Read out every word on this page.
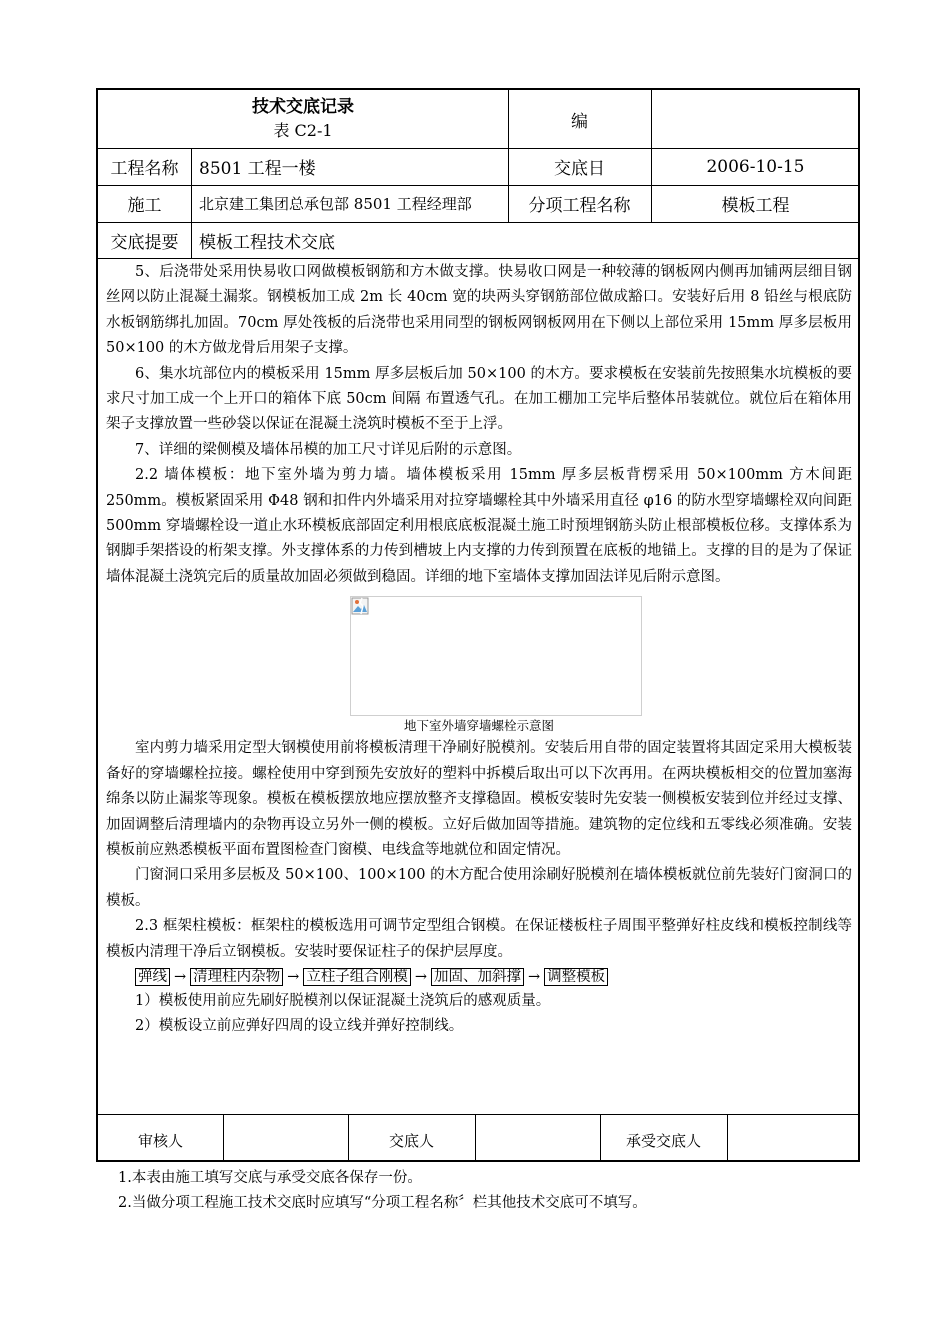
技术交底记录
表 C2-1	编
工程名称	8501 工程一楼	交底日	2006-10-15
施工	北京建工集团总承包部 8501 工程经理部	分项工程名称	模板工程
交底提要	模板工程技术交底

5、后浇带处采用快易收口网做模板钢筋和方木做支撑。快易收口网是一种较薄的钢板网内侧再加铺两层细目钢丝网以防止混凝土漏浆。钢模板加工成 2m 长 40cm 宽的块两头穿钢筋部位做成豁口。安装好后用 8 铅丝与根底防水板钢筋绑扎加固。70cm 厚处筏板的后浇带也采用同型的钢板网钢板网用在下侧以上部位采用 15mm 厚多层板用 50×100 的木方做龙骨后用架子支撑。

6、集水坑部位内的模板采用 15mm 厚多层板后加 50×100 的木方。要求模板在安装前先按照集水坑模板的要求尺寸加工成一个上开口的箱体下底 50cm 间隔 布置透气孔。在加工棚加工完毕后整体吊装就位。就位后在箱体用架子支撑放置一些砂袋以保证在混凝土浇筑时模板不至于上浮。

7、详细的梁侧模及墙体吊模的加工尺寸详见后附的示意图。

2.2 墙体模板：地下室外墙为剪力墙。墙体模板采用 15mm 厚多层板背楞采用 50×100mm 方木间距 250mm。模板紧固采用 Φ48 钢和扣件内外墙采用对拉穿墙螺栓其中外墙采用直径 φ16 的防水型穿墙螺栓双向间距 500mm 穿墙螺栓设一道止水环模板底部固定利用根底底板混凝土施工时预埋钢筋头防止根部模板位移。支撑体系为钢脚手架搭设的桁架支撑。外支撑体系的力传到槽坡上内支撑的力传到预置在底板的地锚上。支撑的目的是为了保证墙体混凝土浇筑完后的质量故加固必须做到稳固。详细的地下室墙体支撑加固法详见后附示意图。

地下室外墙穿墙螺栓示意图

室内剪力墙采用定型大钢模使用前将模板清理干净刷好脱模剂。安装后用自带的固定装置将其固定采用大模板装备好的穿墙螺栓拉接。螺栓使用中穿到预先安放好的塑料中拆模后取出可以下次再用。在两块模板相交的位置加塞海绵条以防止漏浆等现象。模板在模板摆放地应摆放整齐支撑稳固。模板安装时先安装一侧模板安装到位并经过支撑、加固调整后清理墙内的杂物再设立另外一侧的模板。立好后做加固等措施。建筑物的定位线和五零线必须准确。安装模板前应熟悉模板平面布置图检查门窗模、电线盒等地就位和固定情况。

门窗洞口采用多层板及 50×100、100×100 的木方配合使用涂刷好脱模剂在墙体模板就位前先装好门窗洞口的模板。

2.3 框架柱模板：框架柱的模板选用可调节定型组合钢模。在保证楼板柱子周围平整弹好柱皮线和模板控制线等模板内清理干净后立钢模板。安装时要保证柱子的保护层厚度。

弹线 → 清理柱内杂物 → 立柱子组合刚模 → 加固、加斜撑 → 调整模板

1）模板使用前应先刷好脱模剂以保证混凝土浇筑后的感观质量。

2）模板设立前应弹好四周的设立线并弹好控制线。

审核人	交底人	承受交底人
1.本表由施工填写交底与承受交底各保存一份。
2.当做分项工程施工技术交底时应填写“分项工程名称〞栏其他技术交底可不填写。
